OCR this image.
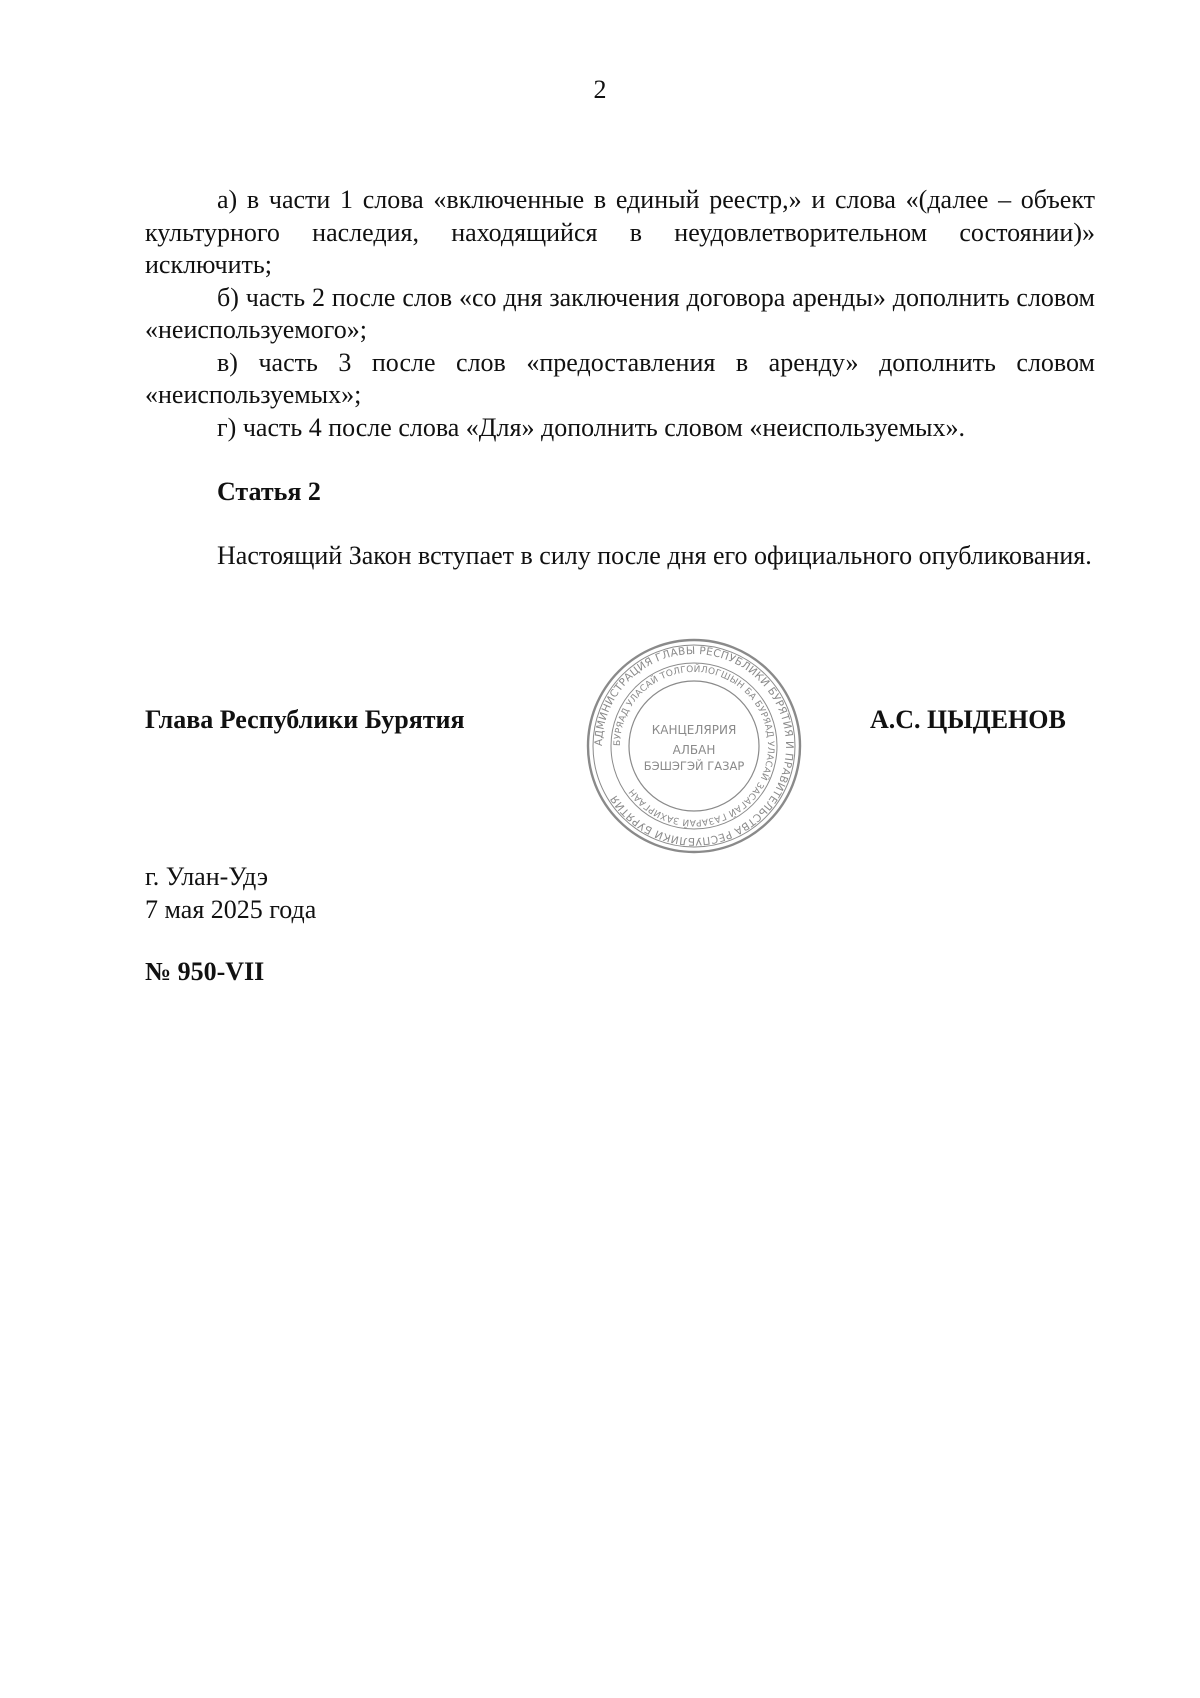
2

а) в части 1 слова «включенные в единый реестр,» и слова «(далее – объект культурного наследия, находящийся в неудовлетворительном состоянии)» исключить;

б) часть 2 после слов «со дня заключения договора аренды» дополнить словом «неиспользуемого»;

в) часть 3 после слов «предоставления в аренду» дополнить словом «неиспользуемых»;

г) часть 4 после слова «Для» дополнить словом «неиспользуемых».

Статья 2

Настоящий Закон вступает в силу после дня его официального опубликования.

Глава Республики Бурятия
АДМИНИСТРАЦИЯ ГЛАВЫ РЕСПУБЛИКИ БУРЯТИЯ И ПРАВИТЕЛЬСТВА РЕСПУБЛИКИ БУРЯТИЯ
БУРЯАД УЛАСАЙ ТОЛГОЙЛОГШЫН БА БУРЯАД УЛАСАЙ ЗАСАГАЙ ГАЗАРАЙ ЗАХИРГААН
КАНЦЕЛЯРИЯ
АЛБАН
БЭШЭГЭЙ ГАЗАР
А.С. ЦЫДЕНОВ
г. Улан-Удэ
7 мая 2025 года
№ 950-VII
